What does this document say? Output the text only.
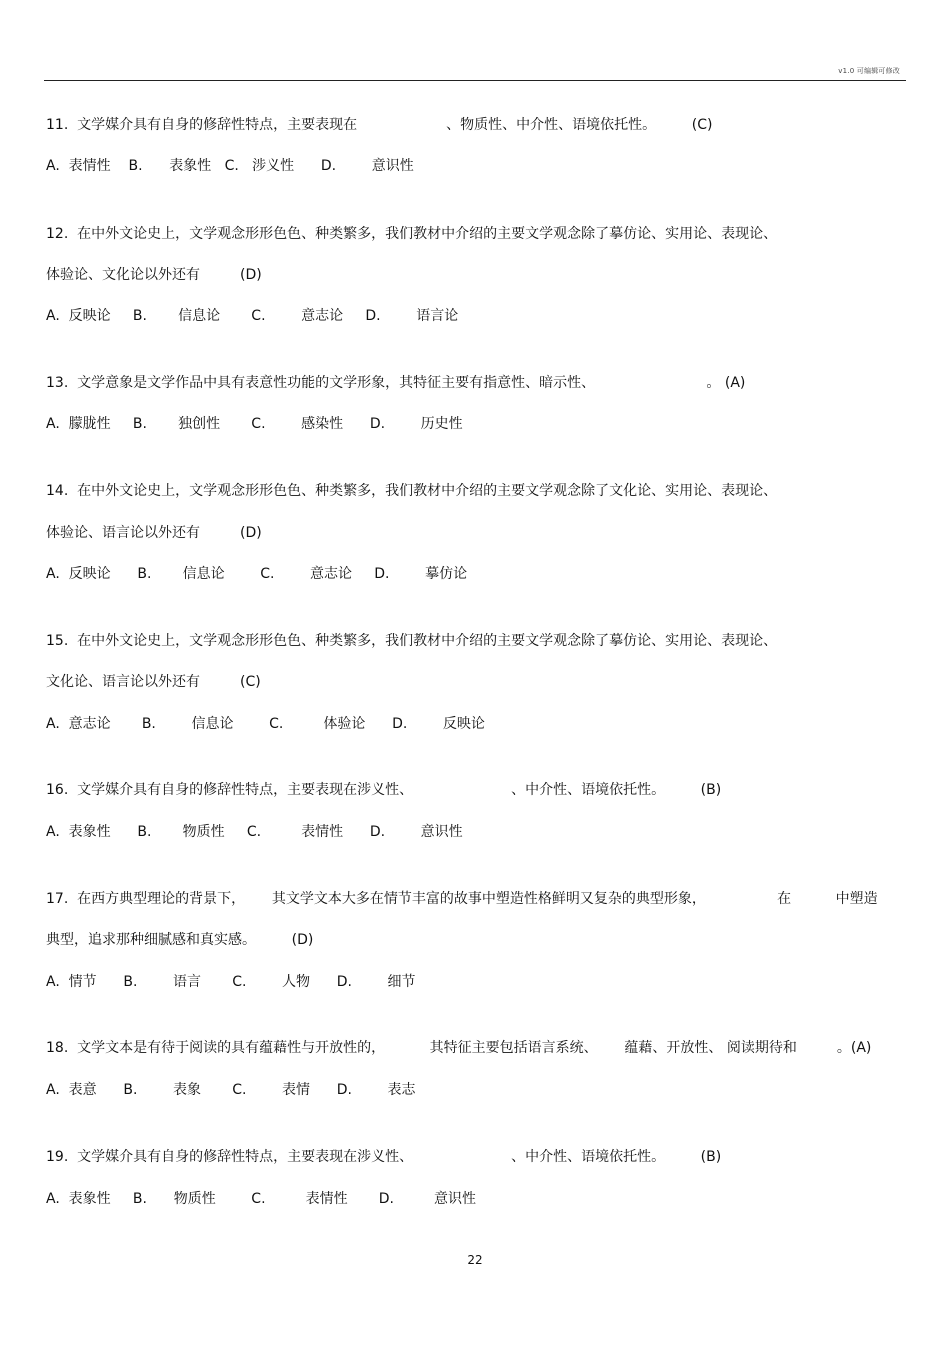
v1.0 可编辑可修改
11.  文学媒介具有自身的修辞性特点，主要表现在                    、物质性、中介性、语境依托性。        (C)
A.  表情性    B.      表象性   C.   涉义性      D.        意识性
12.  在中外文论史上，文学观念形形色色、种类繁多，我们教材中介绍的主要文学观念除了摹仿论、实用论、表现论、
体验论、文化论以外还有         (D)
A.  反映论     B.       信息论       C.        意志论     D.        语言论
13.  文学意象是文学作品中具有表意性功能的文学形象，其特征主要有指意性、暗示性、                         。 (A)
A.  朦胧性     B.       独创性       C.        感染性      D.        历史性
14.  在中外文论史上，文学观念形形色色、种类繁多，我们教材中介绍的主要文学观念除了文化论、实用论、表现论、
体验论、语言论以外还有         (D)
A.  反映论      B.       信息论        C.        意志论     D.        摹仿论
15.  在中外文论史上，文学观念形形色色、种类繁多，我们教材中介绍的主要文学观念除了摹仿论、实用论、表现论、
文化论、语言论以外还有         (C)
A.  意志论       B.        信息论        C.         体验论      D.        反映论
16.  文学媒介具有自身的修辞性特点，主要表现在涉义性、                      、中介性、语境依托性。        (B)
A.  表象性      B.       物质性     C.         表情性      D.        意识性
17.  在西方典型理论的背景下，      其文学文本大多在情节丰富的故事中塑造性格鲜明又复杂的典型形象，                在          中塑造
典型，追求那种细腻感和真实感。        (D)
A.  情节      B.        语言       C.        人物      D.        细节
18.  文学文本是有待于阅读的具有蕴藉性与开放性的，          其特征主要包括语言系统、      蕴藉、开放性、 阅读期待和         。(A)
A.  表意      B.        表象       C.        表情      D.        表志
19.  文学媒介具有自身的修辞性特点，主要表现在涉义性、                      、中介性、语境依托性。        (B)
A.  表象性     B.      物质性        C.         表情性       D.         意识性
22
